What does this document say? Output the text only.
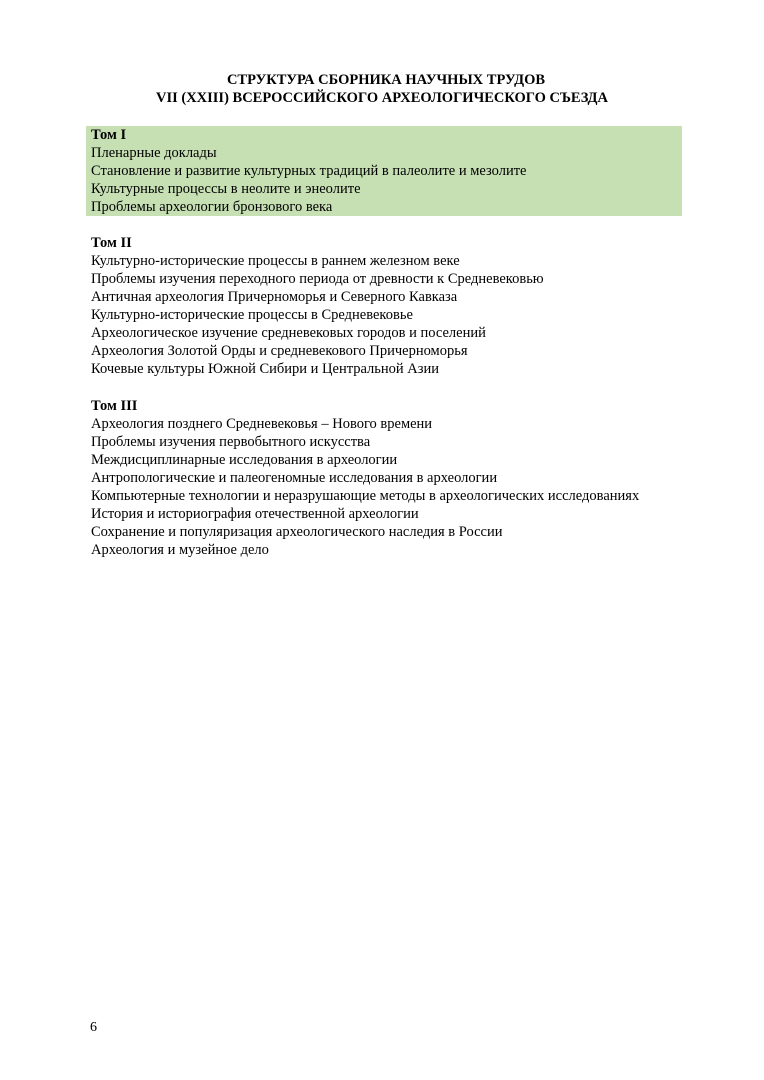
СТРУКТУРА СБОРНИКА НАУЧНЫХ ТРУДОВ
VII (XXIII) ВСЕРОССИЙСКОГО АРХЕОЛОГИЧЕСКОГО СЪЕЗДА
Том I
Пленарные доклады
Становление и развитие культурных традиций в палеолите и мезолите
Культурные процессы в неолите и энеолите
Проблемы археологии бронзового века
Том II
Культурно-исторические процессы в раннем железном веке
Проблемы изучения переходного периода от древности к Средневековью
Античная археология Причерноморья и Северного Кавказа
Культурно-исторические процессы в Средневековье
Археологическое изучение средневековых городов и поселений
Археология Золотой Орды и средневекового Причерноморья
Кочевые культуры Южной Сибири и Центральной Азии
Том III
Археология позднего Средневековья – Нового времени
Проблемы изучения первобытного искусства
Междисциплинарные исследования в археологии
Антропологические и палеогеномные исследования в археологии
Компьютерные технологии и неразрушающие методы в археологических исследованиях
История и историография отечественной археологии
Сохранение и популяризация археологического наследия в России
Археология и музейное дело
6
